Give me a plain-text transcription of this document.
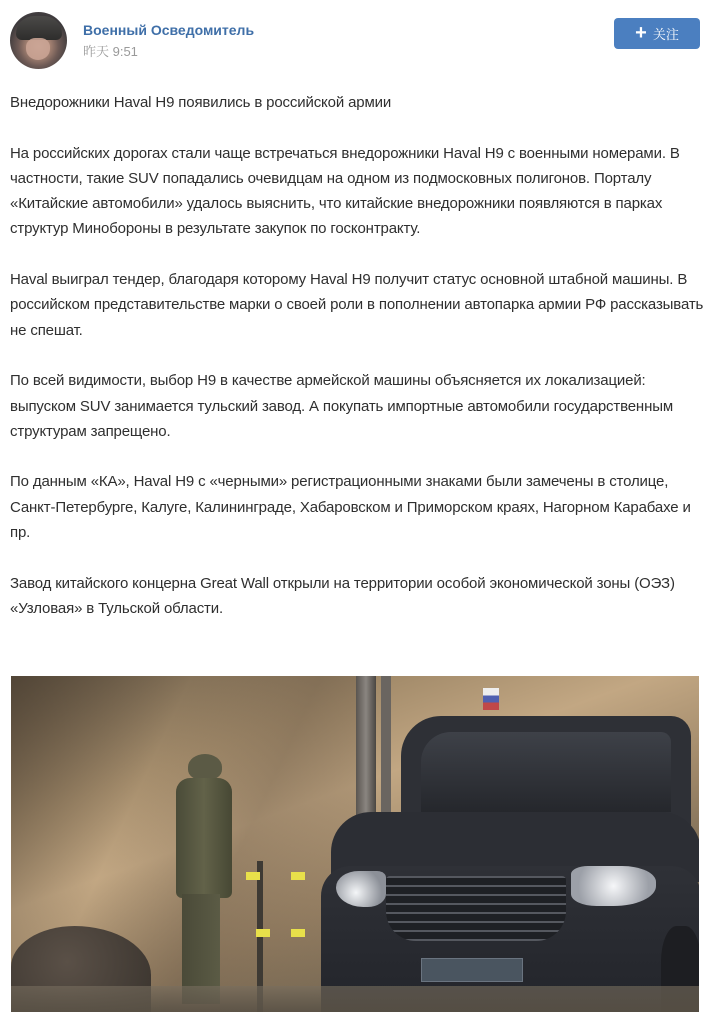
Военный Осведомитель
昨天 9:51
+ 关注

Внедорожники Haval H9 появились в российской армии

На российских дорогах стали чаще встречаться внедорожники Haval H9 с военными номерами. В частности, такие SUV попадались очевидцам на одном из подмосковных полигонов. Порталу «Китайские автомобили» удалось выяснить, что китайские внедорожники появляются в парках структур Минобороны в результате закупок по госконтракту.

Haval выиграл тендер, благодаря которому Haval H9 получит статус основной штабной машины. В российском представительстве марки о своей роли в пополнении автопарка армии РФ рассказывать не спешат.

По всей видимости, выбор H9 в качестве армейской машины объясняется их локализацией: выпуском SUV занимается тульский завод. А покупать импортные автомобили государственным структурам запрещено.

По данным «КА», Haval H9 с «черными» регистрационными знаками были замечены в столице, Санкт-Петербурге, Калуге, Калининграде, Хабаровском и Приморском краях, Нагорном Карабахе и пр.

Завод китайского концерна Great Wall открыли на территории особой экономической зоны (ОЭЗ) «Узловая» в Тульской области.
